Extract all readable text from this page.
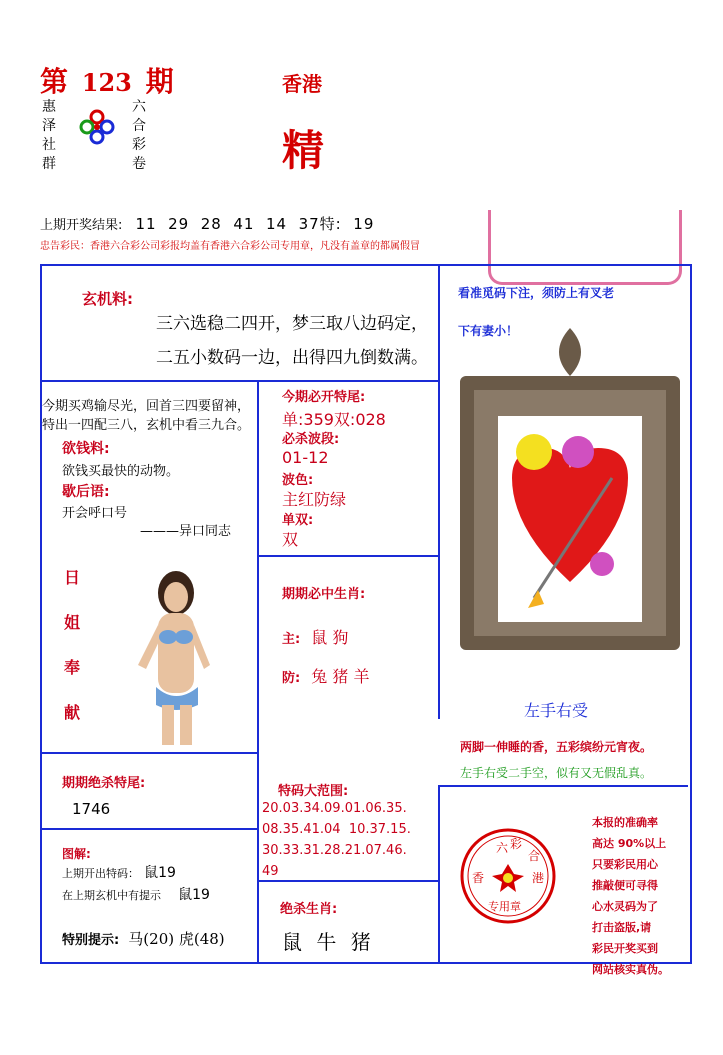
第 123 期
惠
泽
社
群
六
合
彩
卷
香港
精
上期开奖结果: 11  29  28  41  14  37特:  19
忠告彩民：香港六合彩公司彩报均盖有香港六合彩公司专用章，凡没有盖章的都属假冒
玄机料:
三六选稳二四开，梦三取八边码定，
二五小数码一边，出得四九倒数满。
今期买鸡输尽光，回首三四要留神，
特出一四配三八，玄机中看三九合。
欲钱料:
欲钱买最快的动物。
歇后语:
开会呼口号
———异口同志
日
姐
奉
献
今期必开特尾:
单:359双:028
必杀波段:
01-12
波色:
主红防绿
单双:
双
期期必中生肖:
主: 鼠 狗
防: 兔 猪 羊
看准觅码下注，须防上有叉老
下有妻小！
左手右受
两脚一伸睡的香，五彩缤纷元宵夜。
左手右受二手空，似有又无假乱真。
期期绝杀特尾:
1746
特码大范围:
20.03.34.09.01.06.35.
08.35.41.04  10.37.15.
30.33.31.28.21.07.46.
49
图解:
上期开出特码： 鼠19
在上期玄机中有提示 鼠19
特别提示: 马(20) 虎(48)
绝杀生肖:
鼠 牛 猪
六 彩
合
香	港
专用章
本报的准确率
高达 90%以上
只要彩民用心
推敲便可寻得
心水灵码为了
打击盗版,请
彩民开奖买到
网站核实真伪。
